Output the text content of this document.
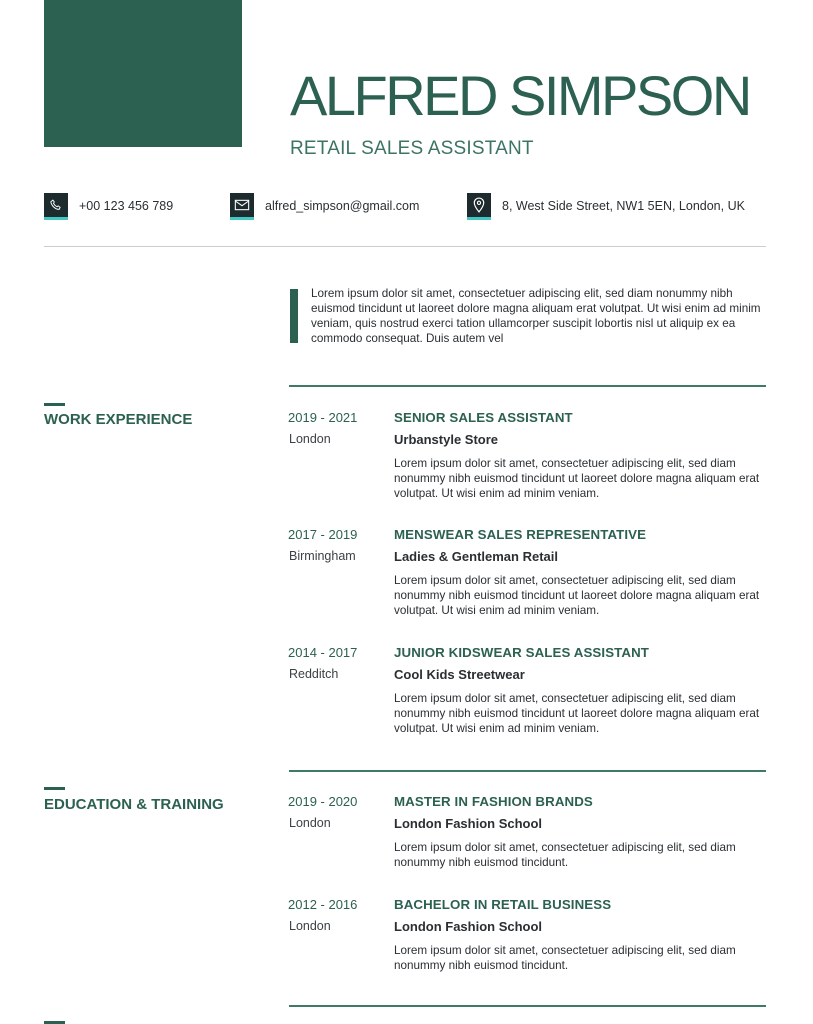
ALFRED SIMPSON
RETAIL SALES ASSISTANT
+00 123 456 789	alfred_simpson@gmail.com	8, West Side Street, NW1 5EN, London, UK

Lorem ipsum dolor sit amet, consectetuer adipiscing elit, sed diam nonummy nibh euismod tincidunt ut laoreet dolore magna aliquam erat volutpat. Ut wisi enim ad minim veniam, quis nostrud exerci tation ullamcorper suscipit lobortis nisl ut aliquip ex ea commodo consequat. Duis autem vel

WORK EXPERIENCE	2019 - 2021
London
SENIOR SALES ASSISTANT
Urbanstyle Store

Lorem ipsum dolor sit amet, consectetuer adipiscing elit, sed diam nonummy nibh euismod tincidunt ut laoreet dolore magna aliquam erat volutpat. Ut wisi enim ad minim veniam.

2017 - 2019
Birmingham
MENSWEAR SALES REPRESENTATIVE
Ladies & Gentleman Retail

Lorem ipsum dolor sit amet, consectetuer adipiscing elit, sed diam nonummy nibh euismod tincidunt ut laoreet dolore magna aliquam erat volutpat. Ut wisi enim ad minim veniam.

2014 - 2017
Redditch
JUNIOR KIDSWEAR SALES ASSISTANT
Cool Kids Streetwear

Lorem ipsum dolor sit amet, consectetuer adipiscing elit, sed diam nonummy nibh euismod tincidunt ut laoreet dolore magna aliquam erat volutpat. Ut wisi enim ad minim veniam.

EDUCATION & TRAINING	2019 - 2020
London
MASTER IN FASHION BRANDS
London Fashion School

Lorem ipsum dolor sit amet, consectetuer adipiscing elit, sed diam nonummy nibh euismod tincidunt.

2012 - 2016
London
BACHELOR IN RETAIL BUSINESS
London Fashion School

Lorem ipsum dolor sit amet, consectetuer adipiscing elit, sed diam nonummy nibh euismod tincidunt.
